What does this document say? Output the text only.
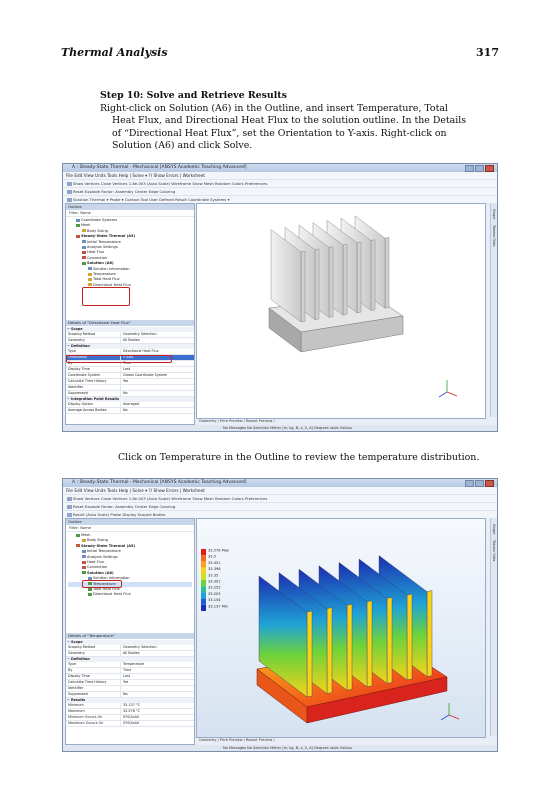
Thermal Analysis	317
Step 10: Solve and Retrieve Results
Right-click on Solution (A6) in the Outline, and insert Temperature, Total
Heat Flux, and Directional Heat Flux to the solution outline. In the Details
of “Directional Heat Flux”, set the Orientation to Y-axis. Right-click on
Solution (A6) and click Solve.
A : Steady-State Thermal - Mechanical [ANSYS Academic Teaching Advanced]
File Edit View Units Tools Help | Solve ▾ ?/ Show Errors | Worksheet
Show Vertices Close Vertices 1.8e-003 (Auto Scale) Wireframe Show Mesh Random Colors Preferences
Reset Explode Factor: Assembly Center Edge Coloring
Solution Thermal ▾ Probe ▾ Contact Tool User Defined Result Coordinate Systems ▾
Outline
Filter: Name
Coordinate Systems
Mesh
Body Sizing
Steady-State Thermal (A5)
Initial Temperature
Analysis Settings
Heat Flux
Convection
Solution (A6)
Solution Information
Temperature
Total Heat Flux
Directional Heat Flux
Details of "Directional Heat Flux"
− Scope
Scoping Method	Geometry Selection
Geometry	All Bodies
− Definition
Type	Directional Heat Flux
Orientation	Y Axis
By	Time
Display Time	Last
Coordinate System	Global Coordinate System
Calculate Time History	Yes
Identifier
Suppressed	No
− Integration Point Results
Display Option	Averaged
Average Across Bodies	No
Geometry / Print Preview / Report Preview /
Graph
Tabular Data
No Messages No Selection Metric (m, kg, N, s, V, A) Degrees rad/s Celsius
Click on Temperature in the Outline to review the temperature distribution.
A : Steady-State Thermal - Mechanical [ANSYS Academic Teaching Advanced]
File Edit View Units Tools Help | Solve ▾ ?/ Show Errors | Worksheet
Show Vertices Close Vertices 1.8e-003 (Auto Scale) Wireframe Show Mesh Random Colors Preferences
Reset Explode Factor: Assembly Center Edge Coloring
Result (Auto Scale) Probe Display Scoped Bodies
Outline
Filter: Name
Mesh
Body Sizing
Steady-State Thermal (A5)
Initial Temperature
Analysis Settings
Heat Flux
Convection
Solution (A6)
Solution Information
Temperature
Total Heat Flux
Directional Heat Flux
Details of "Temperature"
− Scope
Scoping Method	Geometry Selection
Geometry	All Bodies
− Definition
Type	Temperature
By	Time
Display Time	Last
Calculate Time History	Yes
Identifier
Suppressed	No
− Results
Minimum	33.137 °C
Maximum	33.576 °C
Minimum Occurs On	SYS\Solid
Maximum Occurs On	SYS\Solid
33.576 Max
33.5
33.451
33.398
33.35
33.301
33.252
33.203
33.154
33.137 Min
Geometry / Print Preview / Report Preview /
Graph
Tabular Data
No Messages No Selection Metric (m, kg, N, s, V, A) Degrees rad/s Celsius
